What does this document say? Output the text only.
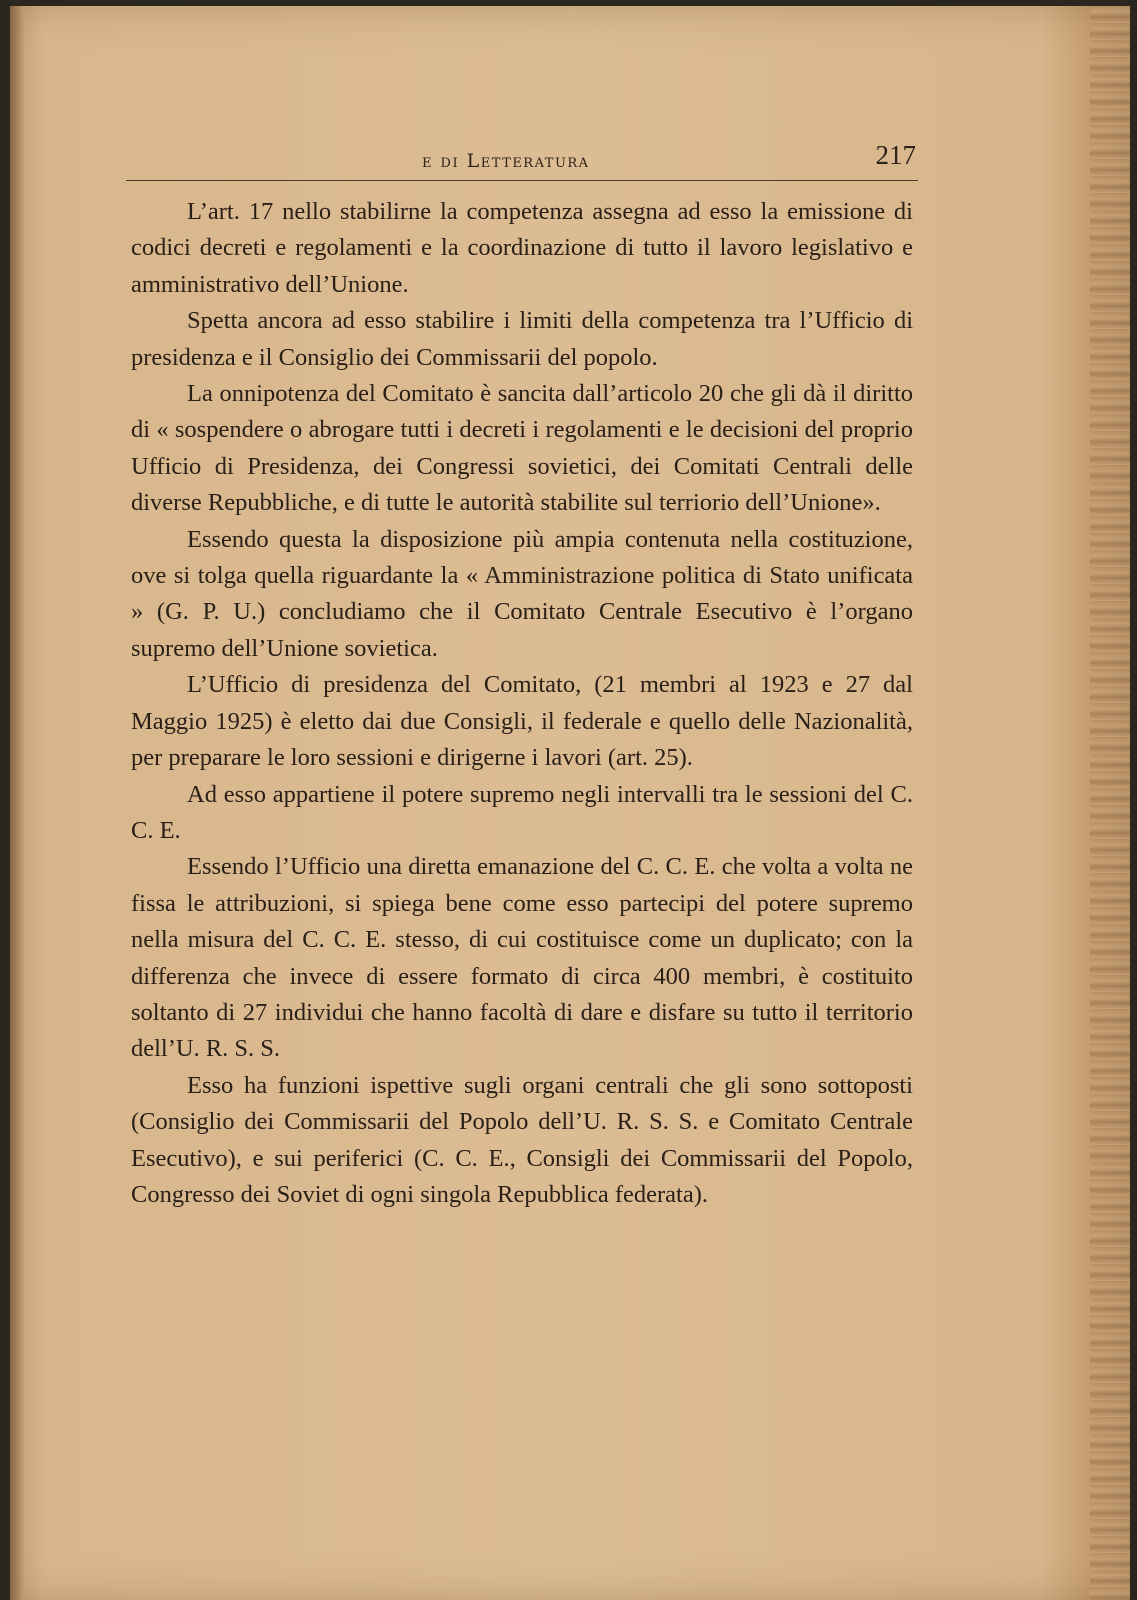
e di Letteratura	217

L’art. 17 nello stabilirne la competenza assegna ad esso la emissione di codici decreti e regolamenti e la coordinazione di tutto il lavoro legislativo e amministrativo dell’Unione.

Spetta ancora ad esso stabilire i limiti della competenza tra l’Ufficio di presidenza e il Consiglio dei Commissarii del popolo.

La onnipotenza del Comitato è sancita dall’articolo 20 che gli dà il diritto di « sospendere o abrogare tutti i decreti i regolamenti e le decisioni del proprio Ufficio di Presidenza, dei Congressi sovietici, dei Comitati Centrali delle diverse Repubbliche, e di tutte le autorità stabilite sul terriorio dell’Unione».

Essendo questa la disposizione più ampia contenuta nella costituzione, ove si tolga quella riguardante la « Amministrazione politica di Stato unificata » (G. P. U.) concludiamo che il Comitato Centrale Esecutivo è l’organo supremo dell’Unione sovietica.

L’Ufficio di presidenza del Comitato, (21 membri al 1923 e 27 dal Maggio 1925) è eletto dai due Consigli, il federale e quello delle Nazionalità, per preparare le loro sessioni e dirigerne i lavori (art. 25).

Ad esso appartiene il potere supremo negli intervalli tra le sessioni del C. C. E.

Essendo l’Ufficio una diretta emanazione del C. C. E. che volta a volta ne fissa le attribuzioni, si spiega bene come esso partecipi del potere supremo nella misura del C. C. E. stesso, di cui costituisce come un duplicato; con la differenza che invece di essere formato di circa 400 membri, è costituito soltanto di 27 individui che hanno facoltà di dare e disfare su tutto il territorio dell’U. R. S. S.

Esso ha funzioni ispettive sugli organi centrali che gli sono sottoposti (Consiglio dei Commissarii del Popolo dell’U. R. S. S. e Comitato Centrale Esecutivo), e sui periferici (C. C. E., Consigli dei Commissarii del Popolo, Congresso dei Soviet di ogni singola Repubblica federata).
